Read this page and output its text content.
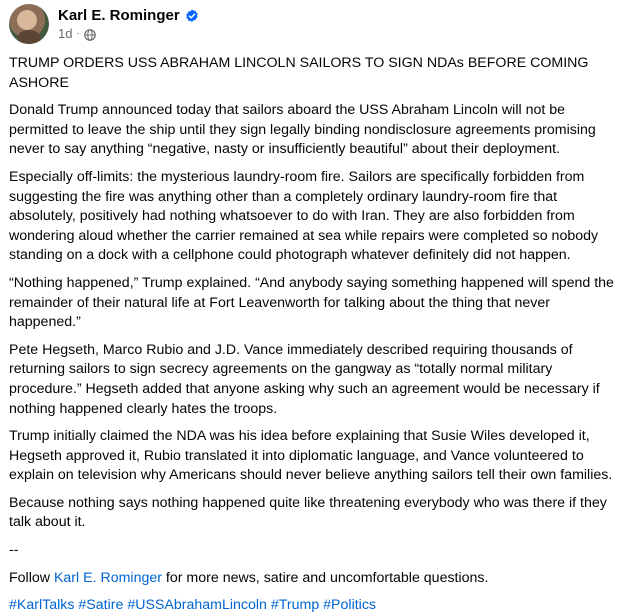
Karl E. Rominger
1d ·

TRUMP ORDERS USS ABRAHAM LINCOLN SAILORS TO SIGN NDAs BEFORE COMING ASHORE

Donald Trump announced today that sailors aboard the USS Abraham Lincoln will not be permitted to leave the ship until they sign legally binding nondisclosure agreements promising never to say anything “negative, nasty or insufficiently beautiful” about their deployment.

Especially off-limits: the mysterious laundry-room fire. Sailors are specifically forbidden from suggesting the fire was anything other than a completely ordinary laundry-room fire that absolutely, positively had nothing whatsoever to do with Iran. They are also forbidden from wondering aloud whether the carrier remained at sea while repairs were completed so nobody standing on a dock with a cellphone could photograph whatever definitely did not happen.

“Nothing happened,” Trump explained. “And anybody saying something happened will spend the remainder of their natural life at Fort Leavenworth for talking about the thing that never happened.”

Pete Hegseth, Marco Rubio and J.D. Vance immediately described requiring thousands of returning sailors to sign secrecy agreements on the gangway as “totally normal military procedure.” Hegseth added that anyone asking why such an agreement would be necessary if nothing happened clearly hates the troops.

Trump initially claimed the NDA was his idea before explaining that Susie Wiles developed it, Hegseth approved it, Rubio translated it into diplomatic language, and Vance volunteered to explain on television why Americans should never believe anything sailors tell their own families.

Because nothing says nothing happened quite like threatening everybody who was there if they talk about it.

--

Follow Karl E. Rominger for more news, satire and uncomfortable questions.

#KarlTalks #Satire #USSAbrahamLincoln #Trump #Politics
